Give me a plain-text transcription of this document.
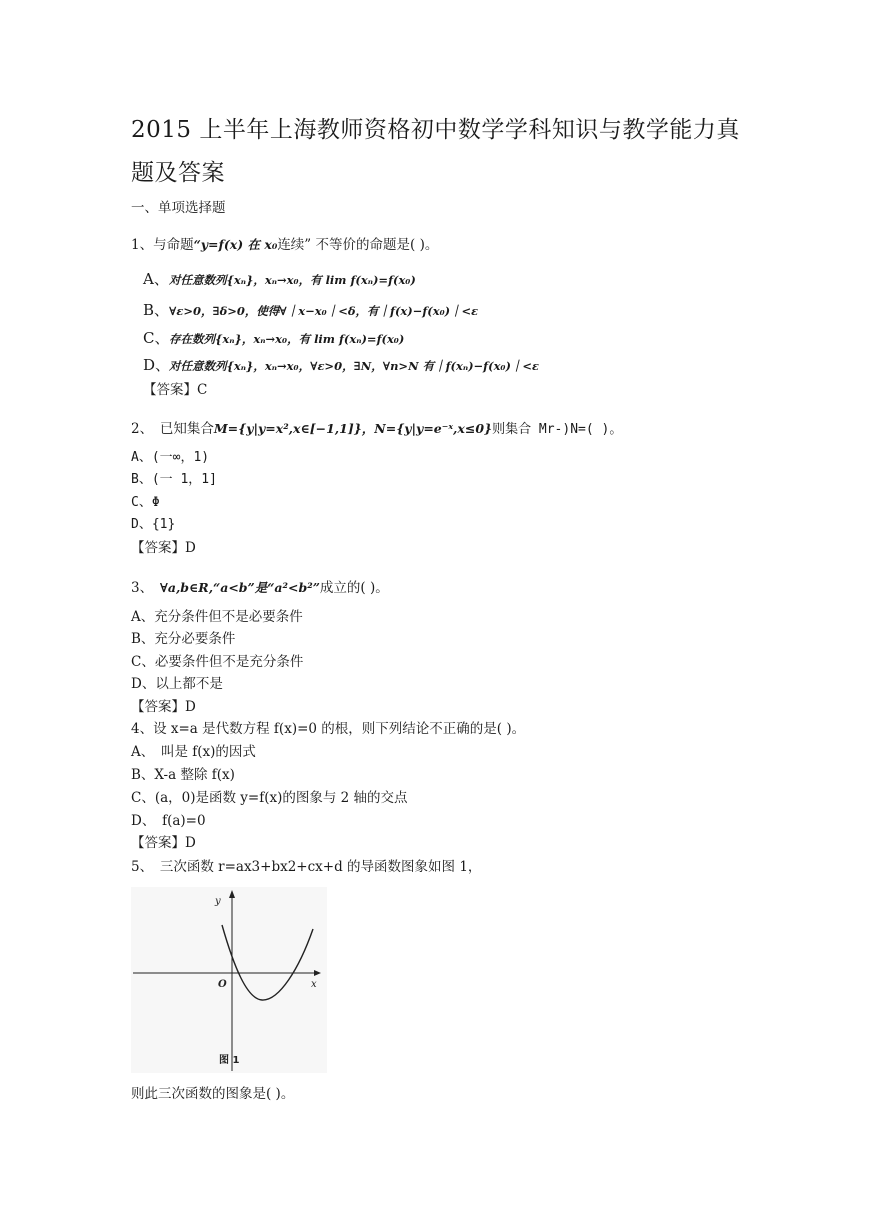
2015 上半年上海教师资格初中数学学科知识与教学能力真
题及答案
一、单项选择题
1、与命题“y=f(x) 在 x₀连续” 不等价的命题是( )。
A、对任意数列{xₙ}，xₙ→x₀，有 lim f(xₙ)=f(x₀)
B、∀ε>0，∃δ>0，使得∀｜x−x₀｜<δ，有｜f(x)−f(x₀)｜<ε
C、存在数列{xₙ}，xₙ→x₀，有 lim f(xₙ)=f(x₀)
D、对任意数列{xₙ}，xₙ→x₀，∀ε>0，∃N，∀n>N 有｜f(xₙ)−f(x₀)｜<ε
【答案】C
2、　已知集合M={y|y=x²,x∈[−1,1]}，N={y|y=e⁻ˣ,x≤0}则集合 Mr-)N=( )。
A、(一∞，1)
B、(一 1，1]
C、Φ
D、{1}
【答案】D
3、　∀a,b∈R,“a<b”是“a²<b²”成立的( )。
A、充分条件但不是必要条件
B、充分必要条件
C、必要条件但不是充分条件
D、以上都不是
【答案】D
4、设 x=a 是代数方程 f(x)=0 的根，则下列结论不正确的是( )。
A、　叫是 f(x)的因式
B、X-a 整除 f(x)
C、(a，0)是函数 y=f(x)的图象与 2 轴的交点
D、　f(a)=0
【答案】D
5、　三次函数 r=ax3+bx2+cx+d 的导函数图象如图 1，
y
x
O
图 1
则此三次函数的图象是( )。
